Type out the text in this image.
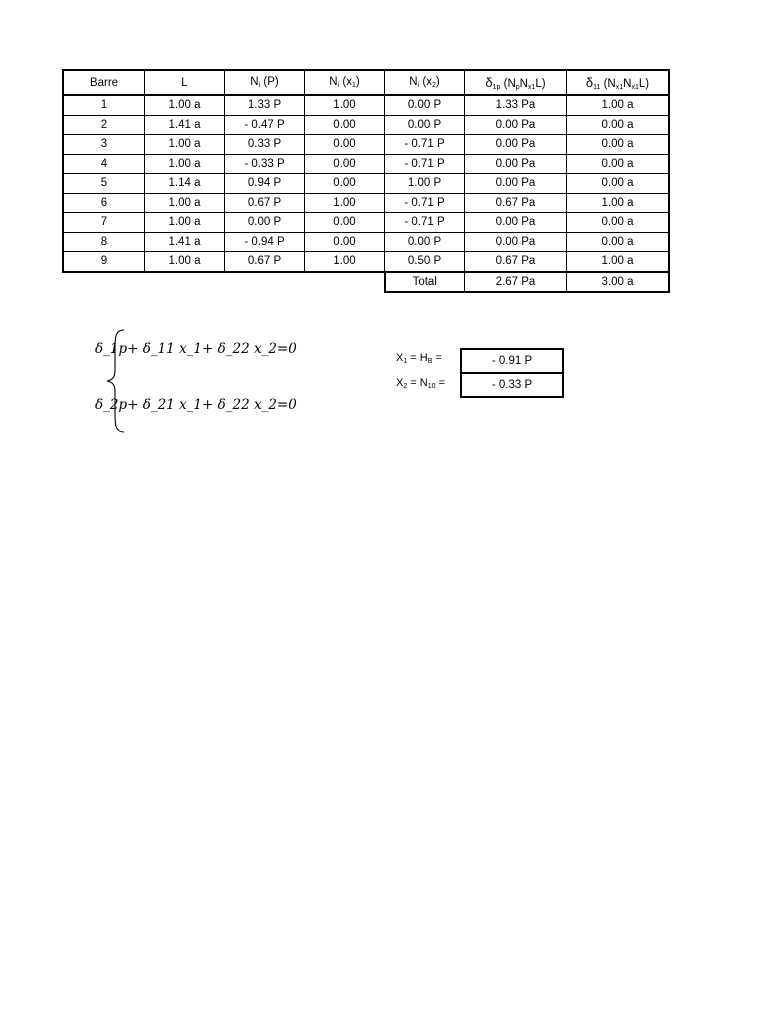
Barre	L	$N_i$ (P)	$N_i$ $(x_1)$	$N_i$ $(x_2)$	$\delta_{1p}$ $(N_pN_{x1}L)$	$\delta_{11}$ $(N_{x1}N_{x1}L)$
1	1.00 a	1.33 P	1.00	0.00 P	1.33 Pa	1.00 a
2	1.41 a	- 0.47 P	0.00	0.00 P	0.00 Pa	0.00 a
3	1.00 a	0.33 P	0.00	- 0.71 P	0.00 Pa	0.00 a
4	1.00 a	- 0.33 P	0.00	- 0.71 P	0.00 Pa	0.00 a
5	1.14 a	0.94 P	0.00	1.00 P	0.00 Pa	0.00 a
6	1.00 a	0.67 P	1.00	- 0.71 P	0.67 Pa	1.00 a
7	1.00 a	0.00 P	0.00	- 0.71 P	0.00 Pa	0.00 a
8	1.41 a	- 0.94 P	0.00	0.00 P	0.00 Pa	0.00 a
9	1.00 a	0.67 P	1.00	0.50 P	0.67 Pa	1.00 a
				Total	2.67 Pa	3.00 a
δ_1p+ δ_11 x_1+ δ_22 x_2=0
δ_2p+ δ_21 x_1+ δ_22 x_2=0
$X_1 = H_B$ =	- 0.91 P
$X_2 = N_{10}$ =	- 0.33 P
